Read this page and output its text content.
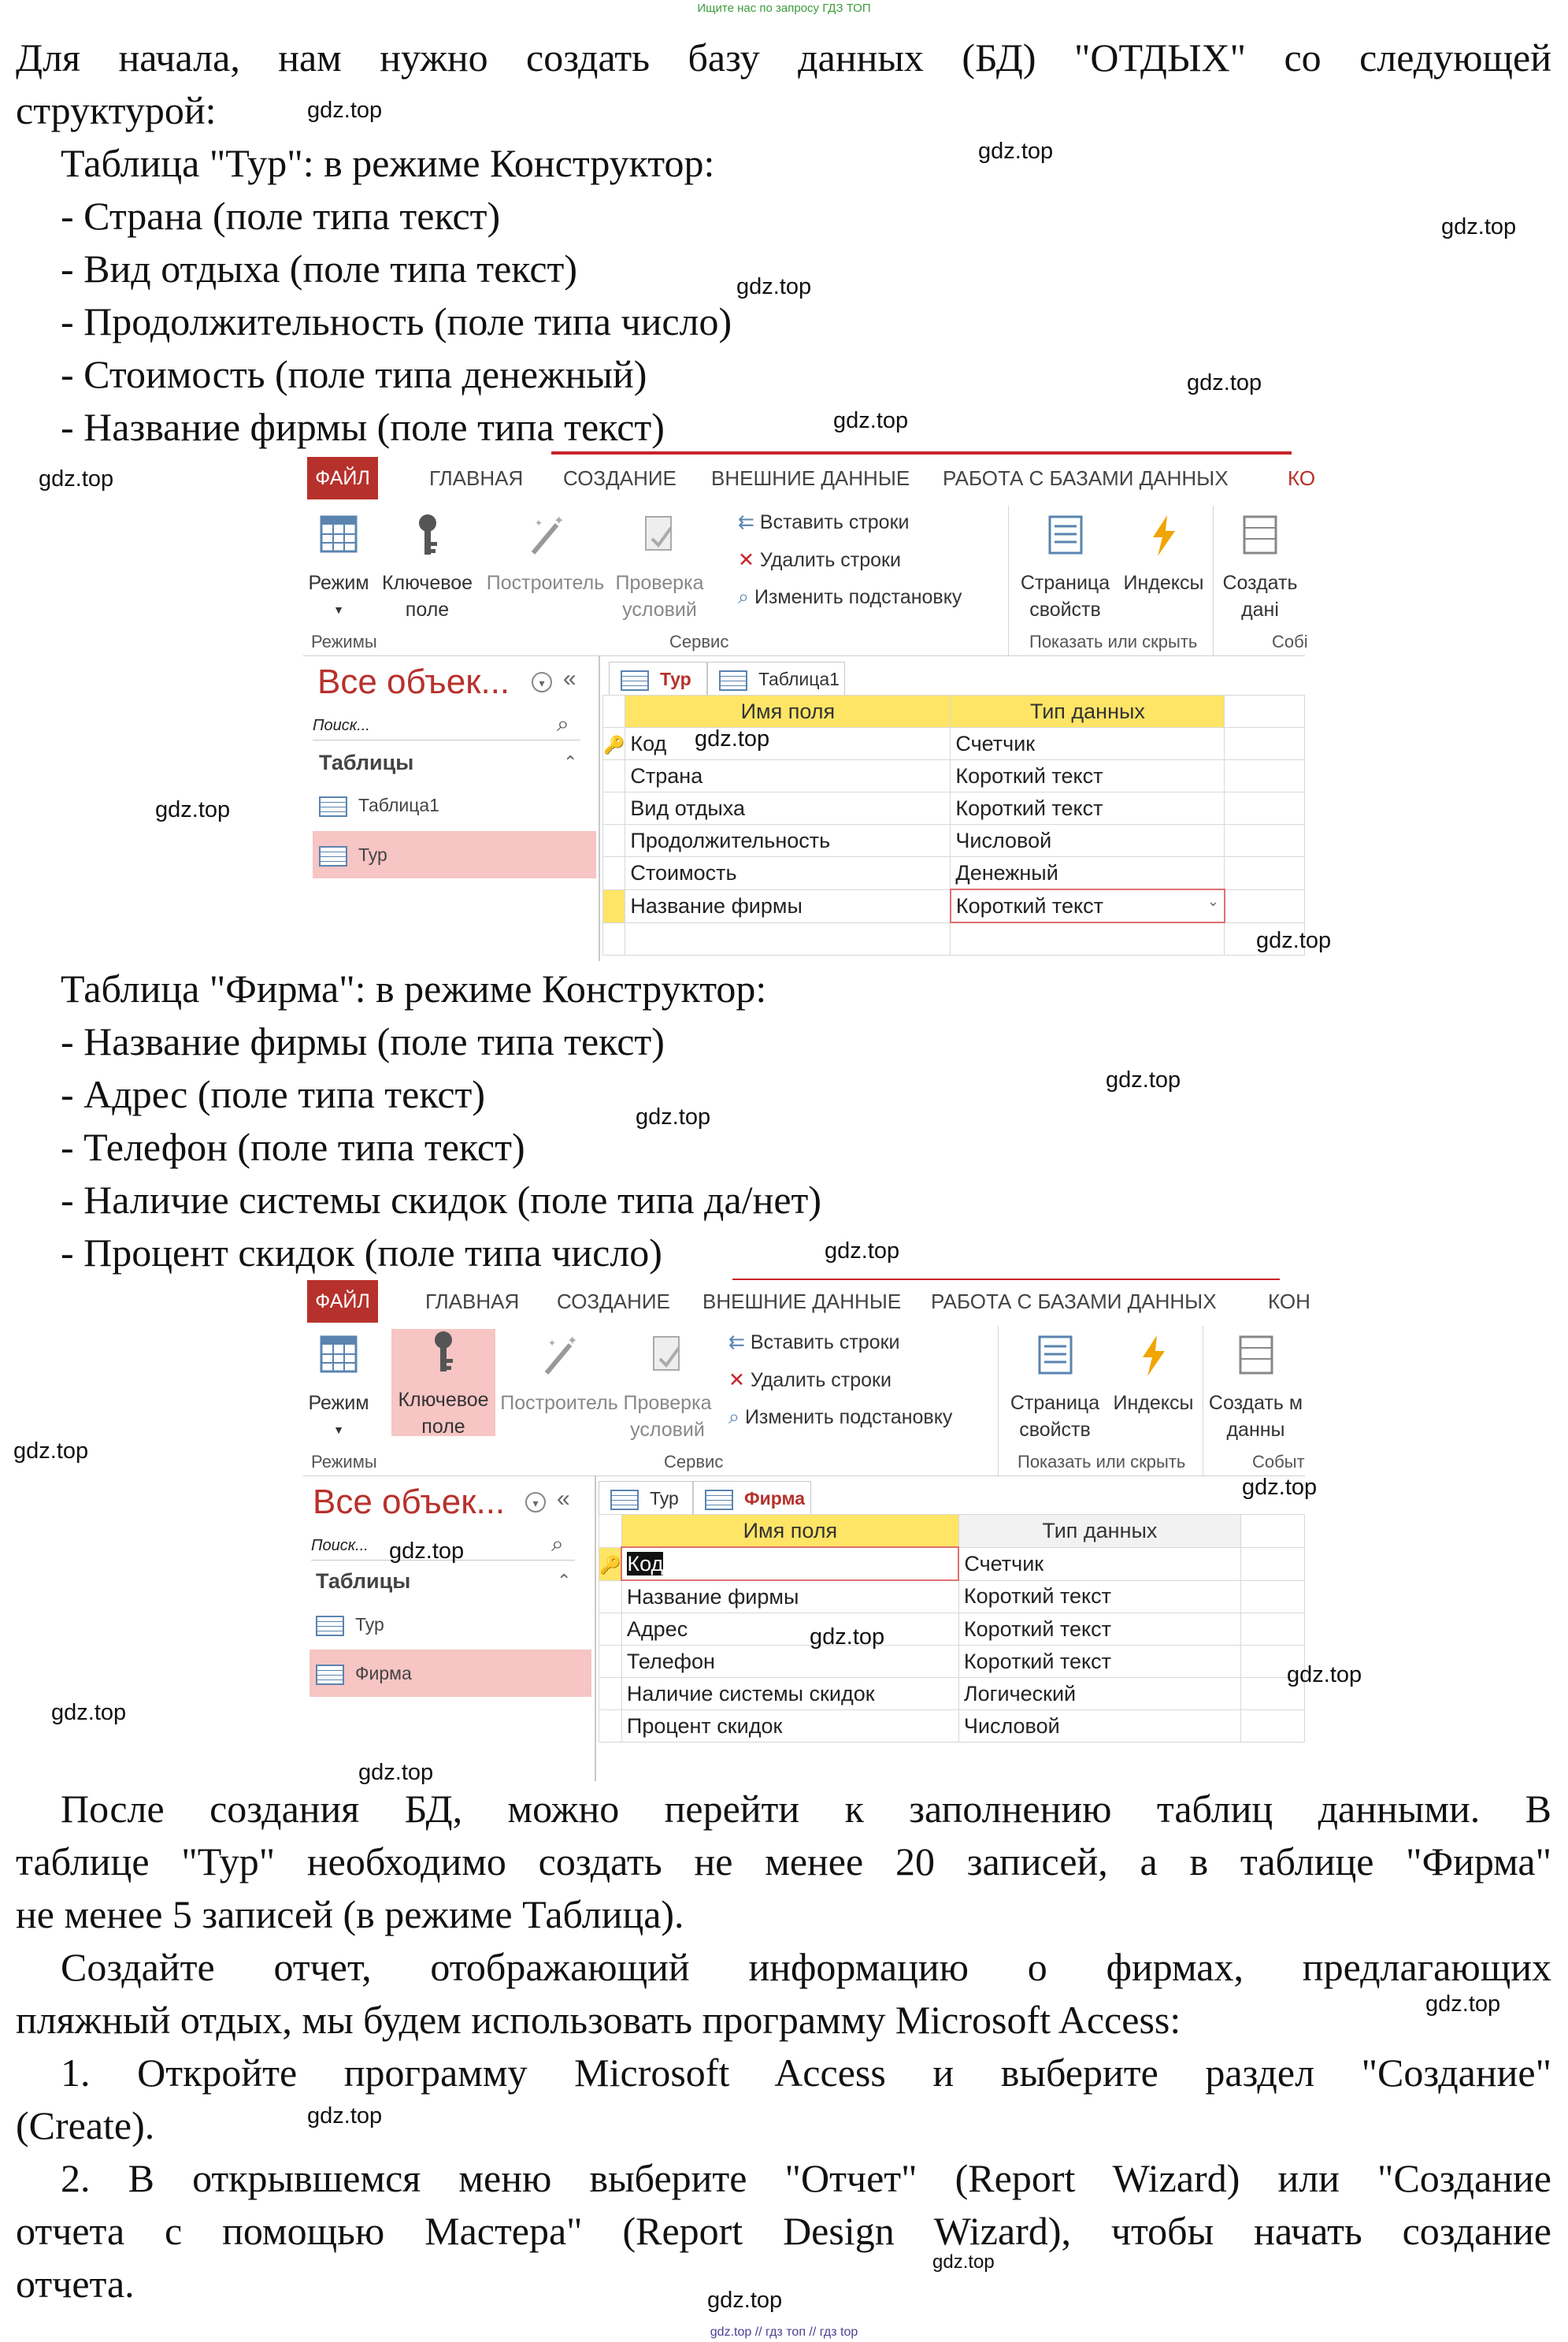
Ищите нас по запросу ГДЗ ТОП
gdz.top // гдз топ // гдз top
Для начала, нам нужно создать базу данных (БД) "ОТДЫХ" со следующей
структурой:
Таблица "Тур": в режиме Конструктор:
- Страна (поле типа текст)
- Вид отдыха (поле типа текст)
- Продолжительность (поле типа число)
- Стоимость (поле типа денежный)
- Название фирмы (поле типа текст)
ФАЙЛ	ГЛАВНАЯ СОЗДАНИЕ ВНЕШНИЕ ДАННЫЕ РАБОТА С БАЗАМИ ДАННЫХ	КО
Режим
▼
Ключевое
поле
✦
✦
Построитель Проверка
условий
⇇ Вставить строки
✕ Удалить строки
⌕ Изменить подстановку
Страница
свойств
Индексы Создать
дані
Режимы	Сервис	Показать или скрыть	Собі
Все объек...	▾ «
Поиск...	⌕
Таблицы	⌃
Таблица1
Тур
Тур	Таблица1
	Имя поля	Тип данных	
🔑	Код	Счетчик	
	Страна	Короткий текст	
	Вид отдыха	Короткий текст	
	Продолжительность	Числовой	
	Стоимость	Денежный	
	Название фирмы	Короткий текст ⌄	

Таблица "Фирма": в режиме Конструктор:
- Название фирмы (поле типа текст)
- Адрес (поле типа текст)
- Телефон (поле типа текст)
- Наличие системы скидок (поле типа да/нет)
- Процент скидок (поле типа число)
ФАЙЛ	ГЛАВНАЯ СОЗДАНИЕ ВНЕШНИЕ ДАННЫЕ РАБОТА С БАЗАМИ ДАННЫХ	КОН
Режим
▼
Ключевое
поле
✦
✦
Построитель Проверка
условий
⇇ Вставить строки
✕ Удалить строки
⌕ Изменить подстановку
Страница
свойств
Индексы Создать м
данны
Режимы	Сервис	Показать или скрыть	Событ
Все объек...	▾ «
Поиск...	⌕
Таблицы	⌃
Тур
Фирма
Тур	Фирма
	Имя поля	Тип данных	
🔑	Код	Счетчик	
	Название фирмы	Короткий текст	
	Адрес	Короткий текст	
	Телефон	Короткий текст	
	Наличие системы скидок	Логический	
	Процент скидок	Числовой	
После создания БД, можно перейти к заполнению таблиц данными. В
таблице "Тур" необходимо создать не менее 20 записей, а в таблице "Фирма"
не менее 5 записей (в режиме Таблица).
Создайте отчет, отображающий информацию о фирмах, предлагающих
пляжный отдых, мы будем использовать программу Microsoft Access:
1. Откройте программу Microsoft Access и выберите раздел "Создание"
(Create).
2. В открывшемся меню выберите "Отчет" (Report Wizard) или "Создание
отчета с помощью Мастера" (Report Design Wizard), чтобы начать создание
отчета.
gdz.top
gdz.top
gdz.top
gdz.top
gdz.top
gdz.top
gdz.top
gdz.top
gdz.top
gdz.top
gdz.top
gdz.top
gdz.top
gdz.top
gdz.top
gdz.top
gdz.top
gdz.top
gdz.top
gdz.top
gdz.top
gdz.top
gdz.top
gdz.top
